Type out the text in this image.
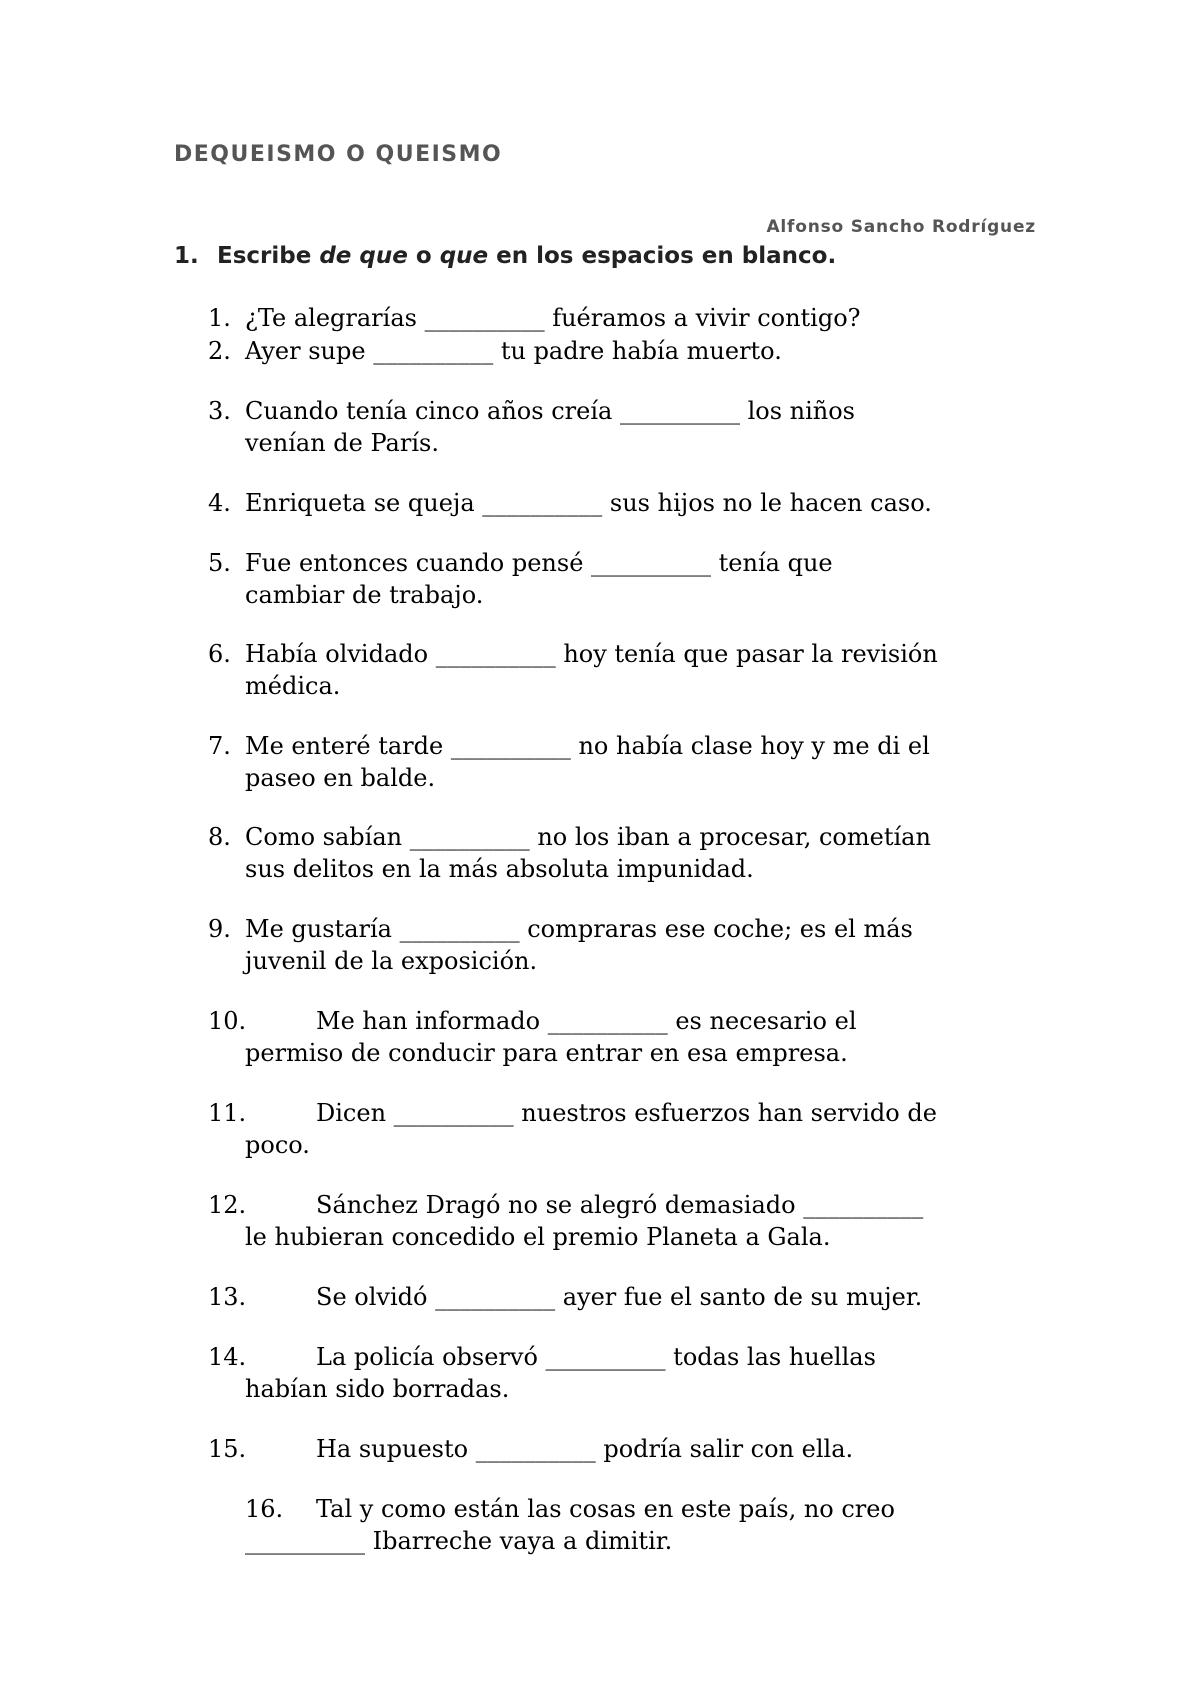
DEQUEISMO O QUEISMO
Alfonso Sancho Rodríguez
1. Escribe de que o que en los espacios en blanco.
1. ¿Te alegrarías __________ fuéramos a vivir contigo?
2. Ayer supe __________ tu padre había muerto.
3. Cuando tenía cinco años creía __________ los niños
venían de París.
4. Enriqueta se queja __________ sus hijos no le hacen caso.
5. Fue entonces cuando pensé __________ tenía que
cambiar de trabajo.
6. Había olvidado __________ hoy tenía que pasar la revisión
médica.
7. Me enteré tarde __________ no había clase hoy y me di el
paseo en balde.
8. Como sabían __________ no los iban a procesar, cometían
sus delitos en la más absoluta impunidad.
9. Me gustaría __________ compraras ese coche; es el más
juvenil de la exposición.
10.	Me han informado __________ es necesario el
permiso de conducir para entrar en esa empresa.
11.	Dicen __________ nuestros esfuerzos han servido de
poco.
12.	Sánchez Dragó no se alegró demasiado __________
le hubieran concedido el premio Planeta a Gala.
13.	Se olvidó __________ ayer fue el santo de su mujer.
14.	La policía observó __________ todas las huellas
habían sido borradas.
15.	Ha supuesto __________ podría salir con ella.
16. Tal y como están las cosas en este país, no creo
__________ Ibarreche vaya a dimitir.
